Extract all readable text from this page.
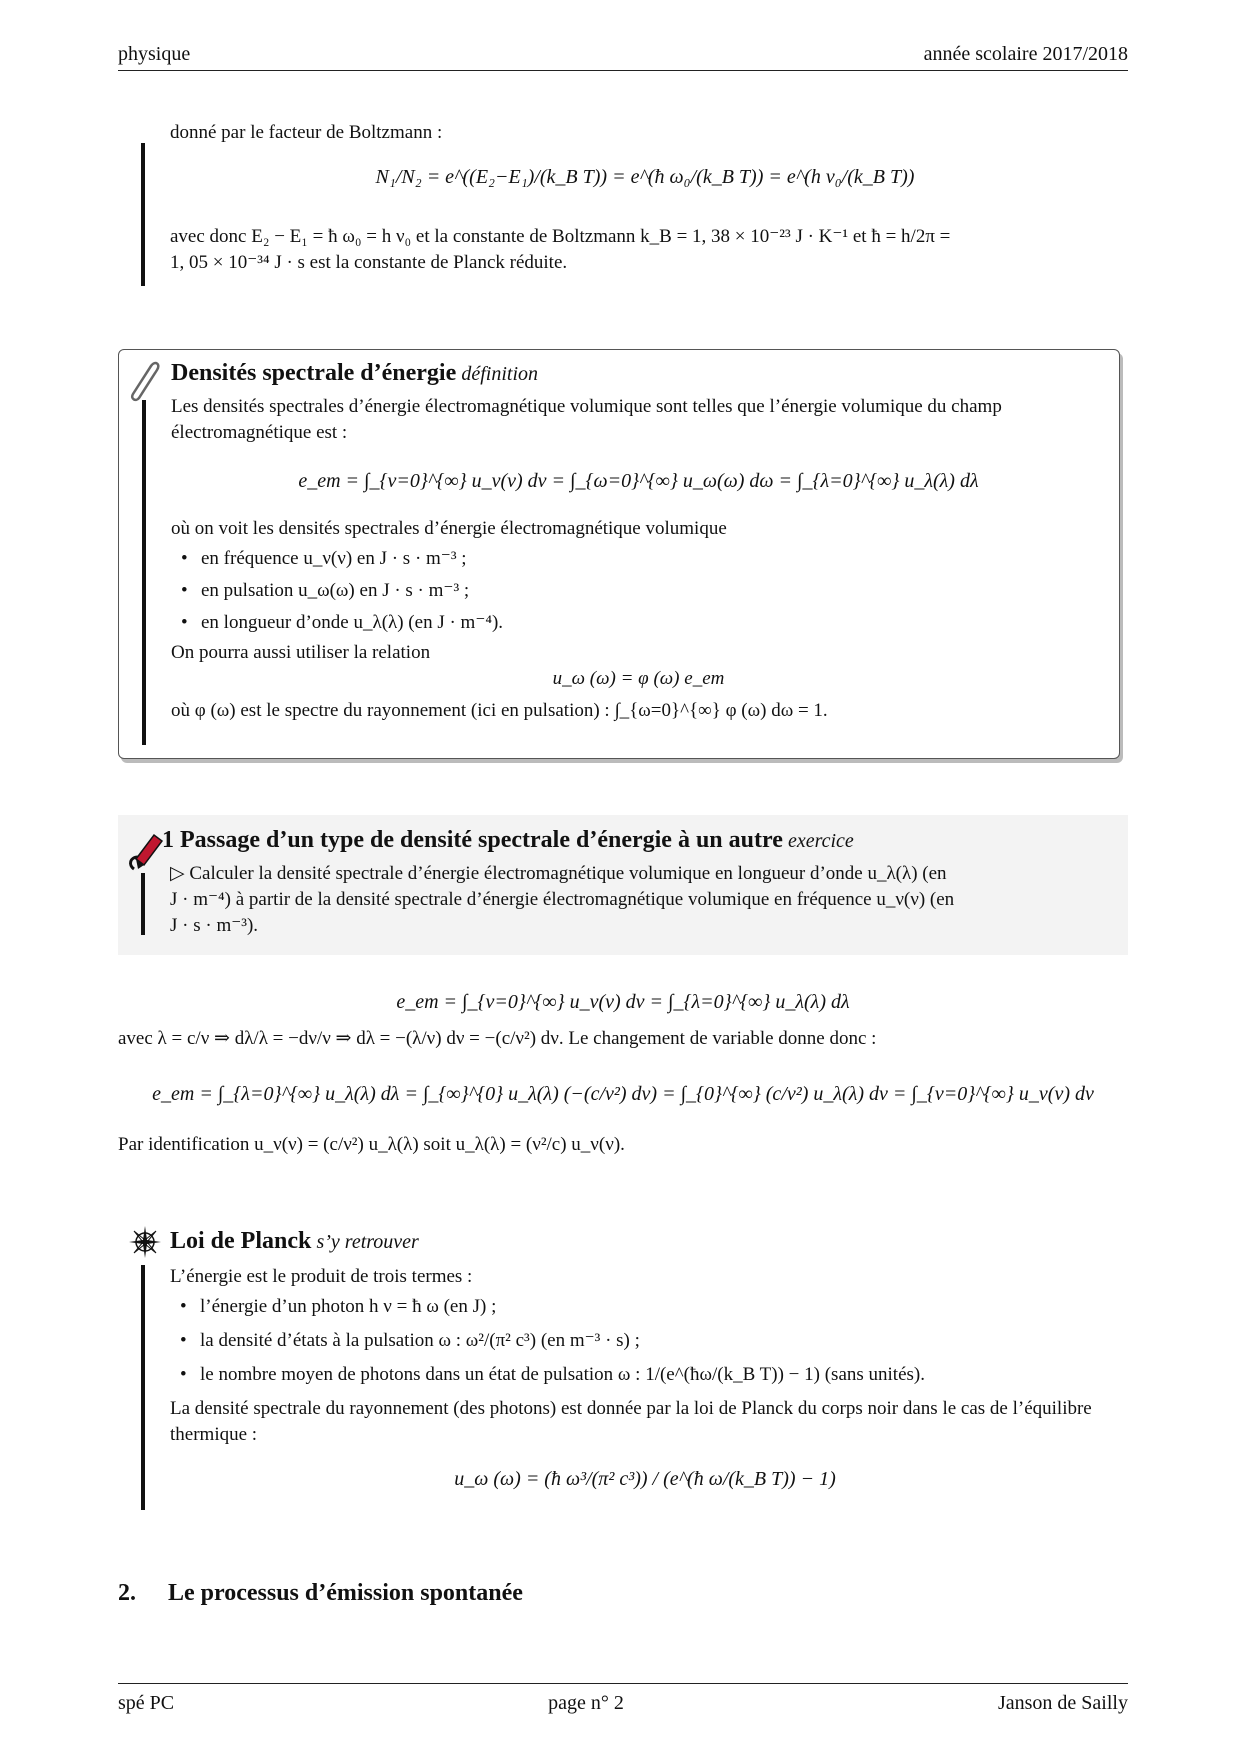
physique	année scolaire 2017/2018
donné par le facteur de Boltzmann :
N₁/N₂ = e^((E₂−E₁)/(k_B T)) = e^(ħ ω₀/(k_B T)) = e^(h ν₀/(k_B T))
avec donc E₂ − E₁ = ħ ω₀ = h ν₀ et la constante de Boltzmann k_B = 1, 38 × 10⁻²³ J · K⁻¹ et ħ = h/2π =
1, 05 × 10⁻³⁴ J · s est la constante de Planck réduite.
Densités spectrale d’énergie définition
Les densités spectrales d’énergie électromagnétique volumique sont telles que l’énergie volumique du champ électromagnétique est :
e_em = ∫_{ν=0}^{∞} u_ν(ν) dν = ∫_{ω=0}^{∞} u_ω(ω) dω = ∫_{λ=0}^{∞} u_λ(λ) dλ
où on voit les densités spectrales d’énergie électromagnétique volumique
• en fréquence u_ν(ν) en J · s · m⁻³ ;
• en pulsation u_ω(ω) en J · s · m⁻³ ;
• en longueur d’onde u_λ(λ) (en J · m⁻⁴).
On pourra aussi utiliser la relation
u_ω (ω) = φ (ω) e_em
où φ (ω) est le spectre du rayonnement (ici en pulsation) : ∫_{ω=0}^{∞} φ (ω) dω = 1.
1 Passage d’un type de densité spectrale d’énergie à un autre exercice
▷ Calculer la densité spectrale d’énergie électromagnétique volumique en longueur d’onde u_λ(λ) (en
J · m⁻⁴) à partir de la densité spectrale d’énergie électromagnétique volumique en fréquence u_ν(ν) (en
J · s · m⁻³).
e_em = ∫_{ν=0}^{∞} u_ν(ν) dν = ∫_{λ=0}^{∞} u_λ(λ) dλ
avec λ = c/ν ⇒ dλ/λ = −dν/ν ⇒ dλ = −(λ/ν) dν = −(c/ν²) dν. Le changement de variable donne donc :
e_em = ∫_{λ=0}^{∞} u_λ(λ) dλ = ∫_{∞}^{0} u_λ(λ) (−(c/ν²) dν) = ∫_{0}^{∞} (c/ν²) u_λ(λ) dν = ∫_{ν=0}^{∞} u_ν(ν) dν
Par identification u_ν(ν) = (c/ν²) u_λ(λ) soit u_λ(λ) = (ν²/c) u_ν(ν).
Loi de Planck s’y retrouver
L’énergie est le produit de trois termes :
• l’énergie d’un photon h ν = ħ ω (en J) ;
• la densité d’états à la pulsation ω : ω²/(π² c³) (en m⁻³ · s) ;
• le nombre moyen de photons dans un état de pulsation ω : 1/(e^(ħω/(k_B T)) − 1) (sans unités).
La densité spectrale du rayonnement (des photons) est donnée par la loi de Planck du corps noir dans le cas de l’équilibre thermique :
u_ω (ω) = (ħ ω³/(π² c³)) / (e^(ħ ω/(k_B T)) − 1)
2. Le processus d’émission spontanée
spé PC	page n° 2	Janson de Sailly
